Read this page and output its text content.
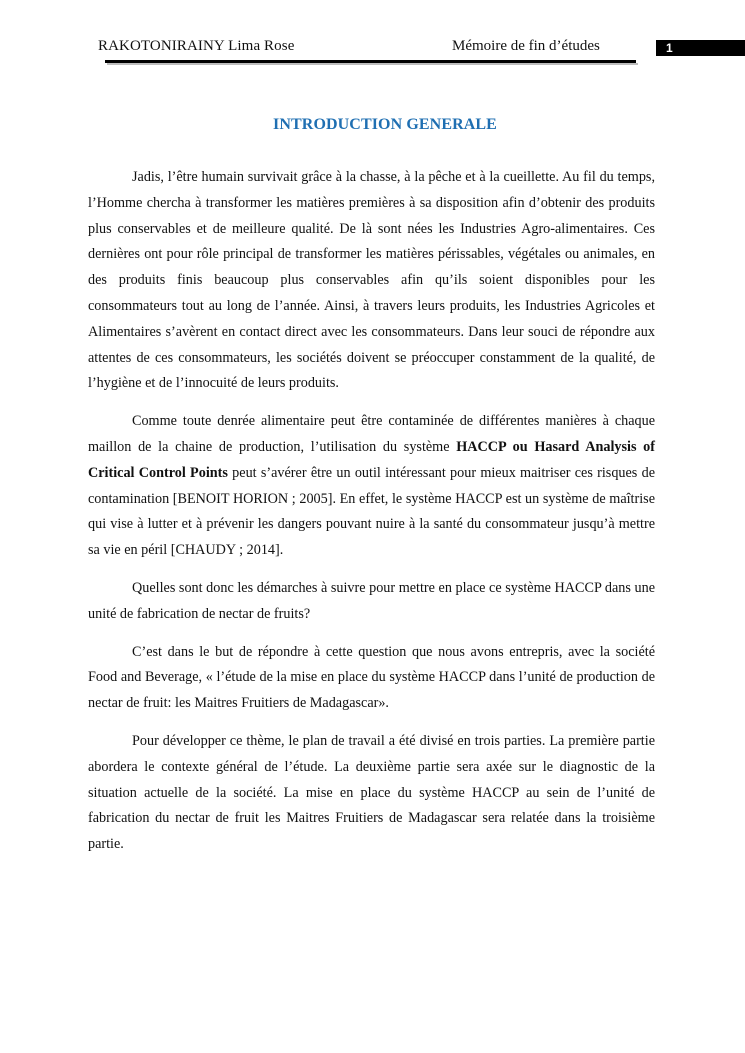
RAKOTONIRAINY Lima Rose	Mémoire de fin d’études	1
INTRODUCTION GENERALE

Jadis, l’être humain survivait grâce à la chasse, à la pêche et à la cueillette. Au fil du temps, l’Homme chercha à transformer les matières premières à sa disposition afin d’obtenir des produits plus conservables et de meilleure qualité. De là sont nées les Industries Agro-alimentaires. Ces dernières ont pour rôle principal de transformer les matières périssables, végétales ou animales, en des produits finis beaucoup plus conservables afin qu’ils soient disponibles pour les consommateurs tout au long de l’année. Ainsi, à travers leurs produits, les Industries Agricoles et Alimentaires s’avèrent en contact direct avec les consommateurs. Dans leur souci de répondre aux attentes de ces consommateurs, les sociétés doivent se préoccuper constamment de la qualité, de l’hygiène et de l’innocuité de leurs produits.

Comme toute denrée alimentaire peut être contaminée de différentes manières à chaque maillon de la chaine de production, l’utilisation du système HACCP ou Hasard Analysis of Critical Control Points peut s’avérer être un outil intéressant pour mieux maitriser ces risques de contamination [BENOIT HORION ; 2005]. En effet, le système HACCP est un système de maîtrise qui vise à lutter et à prévenir les dangers pouvant nuire à la santé du consommateur jusqu’à mettre sa vie en péril [CHAUDY ; 2014].

Quelles sont donc les démarches à suivre pour mettre en place ce système HACCP dans une unité de fabrication de nectar de fruits?

C’est dans le but de répondre à cette question que nous avons entrepris, avec la société Food and Beverage, « l’étude de la mise en place du système HACCP dans l’unité de production de nectar de fruit: les Maitres Fruitiers de Madagascar».

Pour développer ce thème, le plan de travail a été divisé en trois parties. La première partie abordera le contexte général de l’étude. La deuxième partie sera axée sur le diagnostic de la situation actuelle de la société. La mise en place du système HACCP au sein de l’unité de fabrication du nectar de fruit les Maitres Fruitiers de Madagascar sera relatée dans la troisième partie.
